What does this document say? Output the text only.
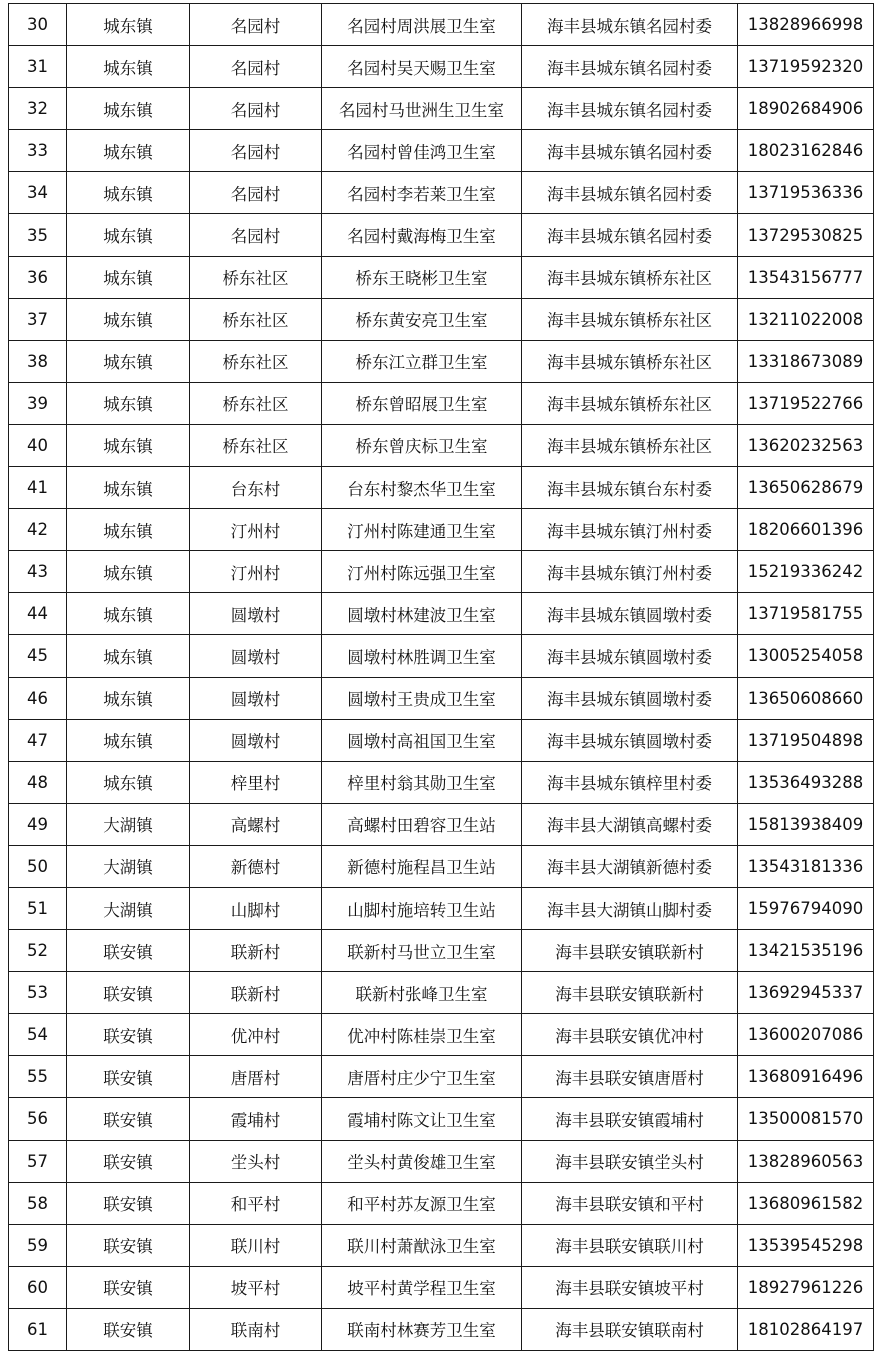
30	城东镇	名园村	名园村周洪展卫生室	海丰县城东镇名园村委	13828966998
31	城东镇	名园村	名园村吴天赐卫生室	海丰县城东镇名园村委	13719592320
32	城东镇	名园村	名园村马世洲生卫生室	海丰县城东镇名园村委	18902684906
33	城东镇	名园村	名园村曾佳鸿卫生室	海丰县城东镇名园村委	18023162846
34	城东镇	名园村	名园村李若莱卫生室	海丰县城东镇名园村委	13719536336
35	城东镇	名园村	名园村戴海梅卫生室	海丰县城东镇名园村委	13729530825
36	城东镇	桥东社区	桥东王晓彬卫生室	海丰县城东镇桥东社区	13543156777
37	城东镇	桥东社区	桥东黄安亮卫生室	海丰县城东镇桥东社区	13211022008
38	城东镇	桥东社区	桥东江立群卫生室	海丰县城东镇桥东社区	13318673089
39	城东镇	桥东社区	桥东曾昭展卫生室	海丰县城东镇桥东社区	13719522766
40	城东镇	桥东社区	桥东曾庆标卫生室	海丰县城东镇桥东社区	13620232563
41	城东镇	台东村	台东村黎杰华卫生室	海丰县城东镇台东村委	13650628679
42	城东镇	汀州村	汀州村陈建通卫生室	海丰县城东镇汀州村委	18206601396
43	城东镇	汀州村	汀州村陈远强卫生室	海丰县城东镇汀州村委	15219336242
44	城东镇	圆墩村	圆墩村林建波卫生室	海丰县城东镇圆墩村委	13719581755
45	城东镇	圆墩村	圆墩村林胜调卫生室	海丰县城东镇圆墩村委	13005254058
46	城东镇	圆墩村	圆墩村王贵成卫生室	海丰县城东镇圆墩村委	13650608660
47	城东镇	圆墩村	圆墩村高祖国卫生室	海丰县城东镇圆墩村委	13719504898
48	城东镇	梓里村	梓里村翁其勋卫生室	海丰县城东镇梓里村委	13536493288
49	大湖镇	高螺村	高螺村田碧容卫生站	海丰县大湖镇高螺村委	15813938409
50	大湖镇	新德村	新德村施程昌卫生站	海丰县大湖镇新德村委	13543181336
51	大湖镇	山脚村	山脚村施培转卫生站	海丰县大湖镇山脚村委	15976794090
52	联安镇	联新村	联新村马世立卫生室	海丰县联安镇联新村	13421535196
53	联安镇	联新村	联新村张峰卫生室	海丰县联安镇联新村	13692945337
54	联安镇	优冲村	优冲村陈桂崇卫生室	海丰县联安镇优冲村	13600207086
55	联安镇	唐厝村	唐厝村庄少宁卫生室	海丰县联安镇唐厝村	13680916496
56	联安镇	霞埔村	霞埔村陈文让卫生室	海丰县联安镇霞埔村	13500081570
57	联安镇	坣头村	坣头村黄俊雄卫生室	海丰县联安镇坣头村	13828960563
58	联安镇	和平村	和平村苏友源卫生室	海丰县联安镇和平村	13680961582
59	联安镇	联川村	联川村萧猷泳卫生室	海丰县联安镇联川村	13539545298
60	联安镇	坡平村	坡平村黄学程卫生室	海丰县联安镇坡平村	18927961226
61	联安镇	联南村	联南村林赛芳卫生室	海丰县联安镇联南村	18102864197
